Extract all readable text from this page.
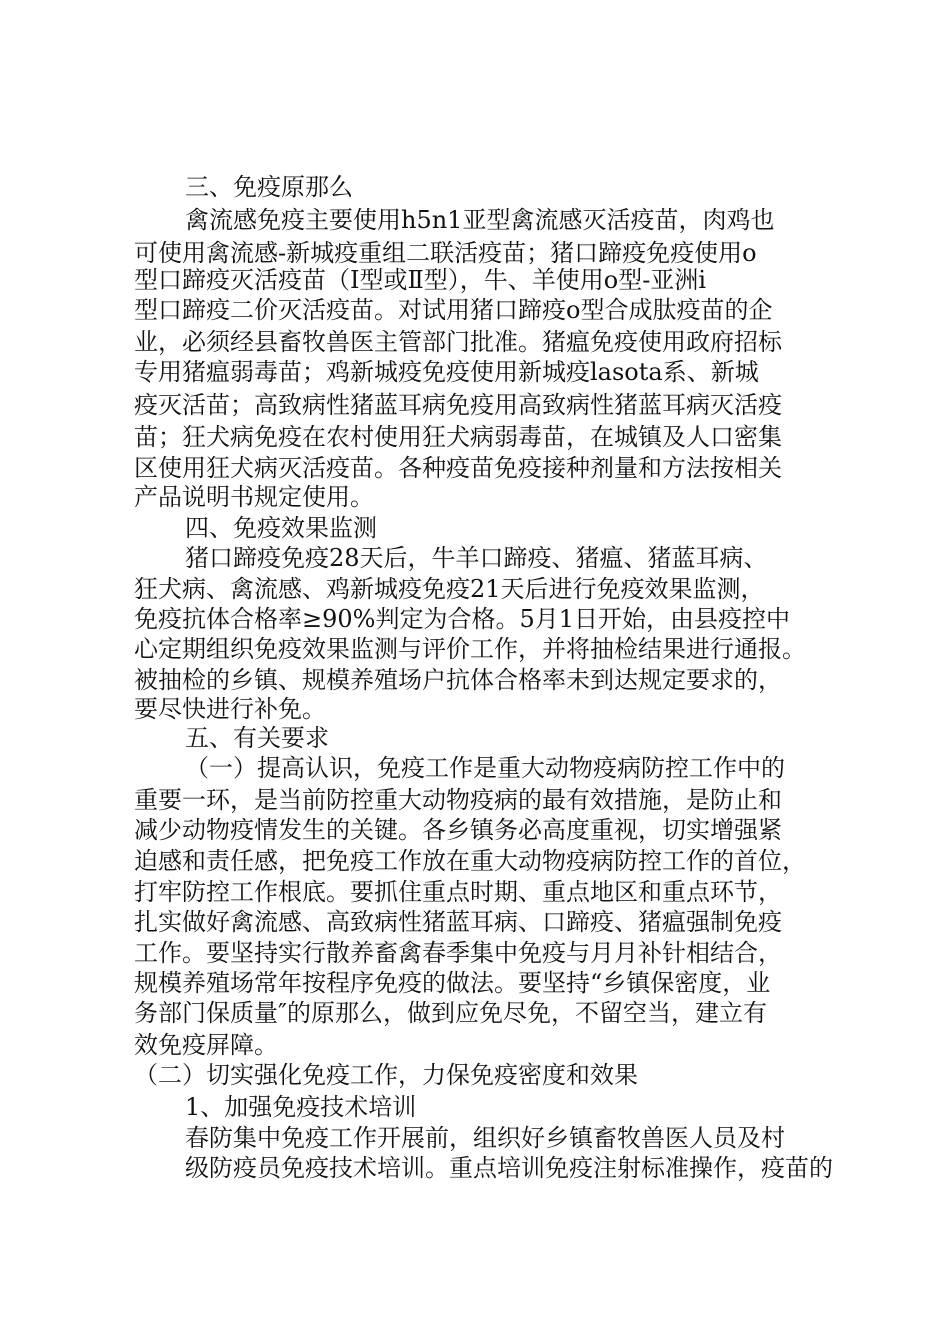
三、免疫原那么
禽流感免疫主要使用h5n1亚型禽流感灭活疫苗，肉鸡也
可使用禽流感-新城疫重组二联活疫苗；猪口蹄疫免疫使用o
型口蹄疫灭活疫苗（Ⅰ型或Ⅱ型），牛、羊使用o型-亚洲i
型口蹄疫二价灭活疫苗。对试用猪口蹄疫o型合成肽疫苗的企
业，必须经县畜牧兽医主管部门批准。猪瘟免疫使用政府招标
专用猪瘟弱毒苗；鸡新城疫免疫使用新城疫lasota系、新城
疫灭活苗；高致病性猪蓝耳病免疫用高致病性猪蓝耳病灭活疫
苗；狂犬病免疫在农村使用狂犬病弱毒苗，在城镇及人口密集
区使用狂犬病灭活疫苗。各种疫苗免疫接种剂量和方法按相关
产品说明书规定使用。
四、免疫效果监测
猪口蹄疫免疫28天后，牛羊口蹄疫、猪瘟、猪蓝耳病、
狂犬病、禽流感、鸡新城疫免疫21天后进行免疫效果监测，
免疫抗体合格率≥90%判定为合格。5月1日开始，由县疫控中
心定期组织免疫效果监测与评价工作，并将抽检结果进行通报。
被抽检的乡镇、规模养殖场户抗体合格率未到达规定要求的，
要尽快进行补免。
五、有关要求
（一）提高认识，免疫工作是重大动物疫病防控工作中的
重要一环，是当前防控重大动物疫病的最有效措施，是防止和
减少动物疫情发生的关键。各乡镇务必高度重视，切实增强紧
迫感和责任感，把免疫工作放在重大动物疫病防控工作的首位，
打牢防控工作根底。要抓住重点时期、重点地区和重点环节，
扎实做好禽流感、高致病性猪蓝耳病、口蹄疫、猪瘟强制免疫
工作。要坚持实行散养畜禽春季集中免疫与月月补针相结合，
规模养殖场常年按程序免疫的做法。要坚持“乡镇保密度，业
务部门保质量″的原那么，做到应免尽免，不留空当，建立有
效免疫屏障。
（二）切实强化免疫工作，力保免疫密度和效果
1、加强免疫技术培训
春防集中免疫工作开展前，组织好乡镇畜牧兽医人员及村
级防疫员免疫技术培训。重点培训免疫注射标准操作，疫苗的
